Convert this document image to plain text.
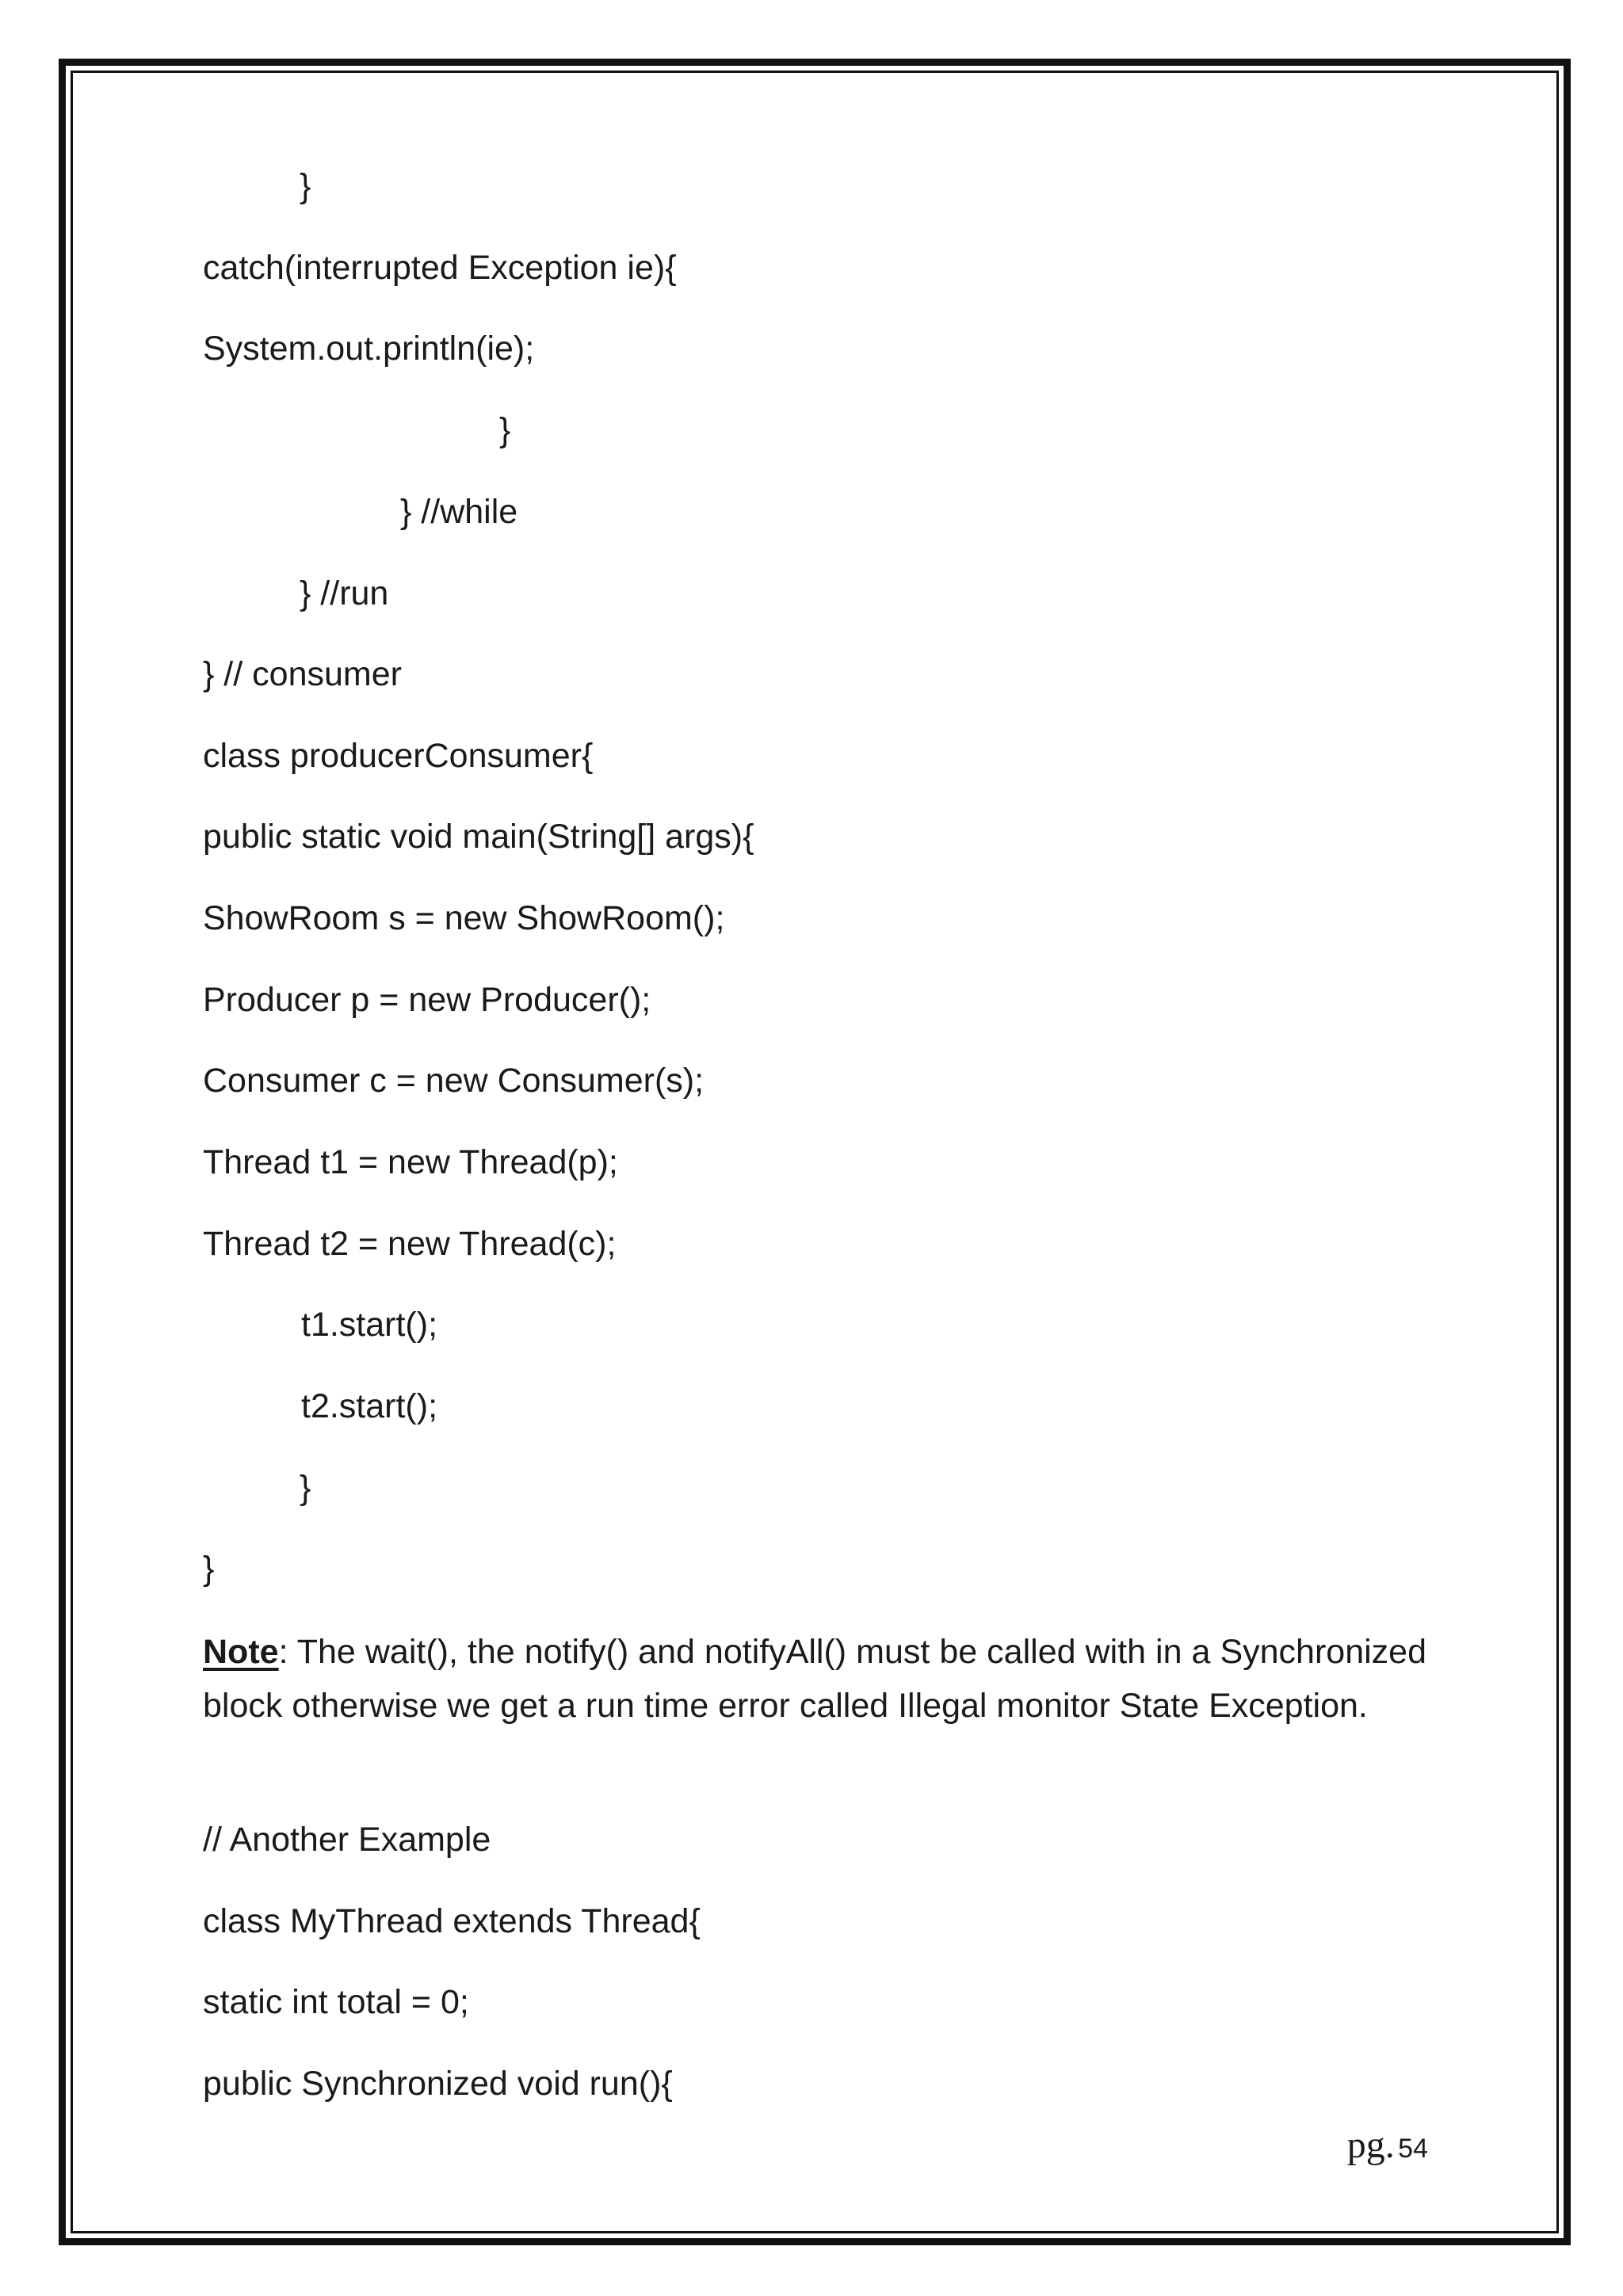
}
catch(interrupted Exception ie){
System.out.println(ie);
}
} //while
} //run
} // consumer
class producerConsumer{
public static void main(String[] args){
ShowRoom s = new ShowRoom();
Producer p = new Producer();
Consumer c = new Consumer(s);
Thread t1 = new Thread(p);
Thread t2 = new Thread(c);
t1.start();
t2.start();
}
}
Note: The wait(), the notify() and notifyAll() must be called with in a Synchronized block otherwise we get a run time error called Illegal monitor State Exception.
// Another Example
class MyThread extends Thread{
static int total = 0;
public Synchronized void run(){
pg. 54
